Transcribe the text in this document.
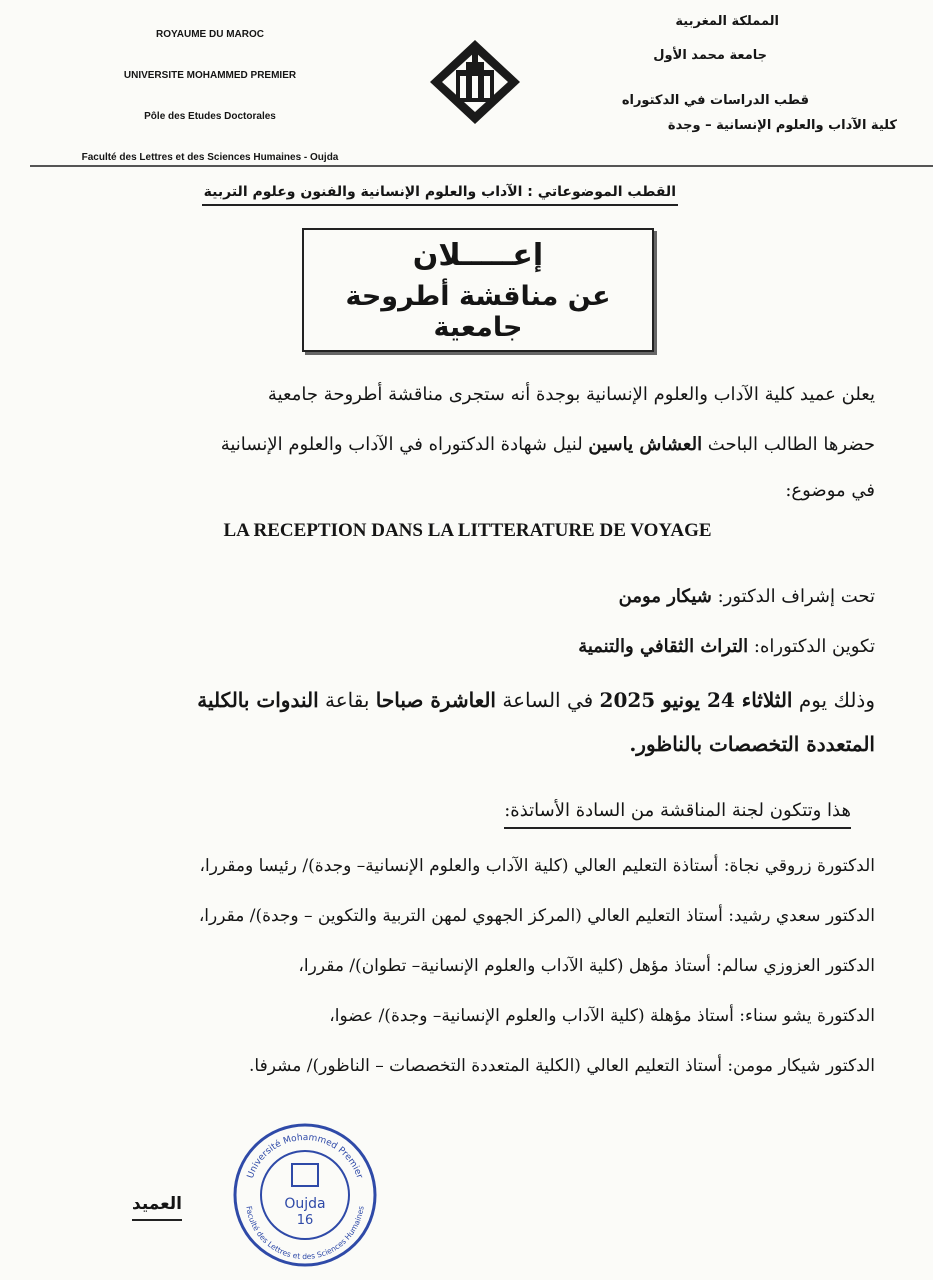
ROYAUME DU MAROC
UNIVERSITE MOHAMMED PREMIER
Pôle des Etudes Doctorales
Faculté des Lettres et des Sciences Humaines - Oujda
المملكة المغربية
جامعة محمد الأول
قطب الدراسات في الدكتوراه
كلية الآداب والعلوم الإنسانية – وجدة
القطب الموضوعاتي : الآداب والعلوم الإنسانية والفنون وعلوم التربية
إعـــــلان
عن مناقشة أطروحة جامعية
يعلن عميد كلية الآداب والعلوم الإنسانية بوجدة أنه ستجرى مناقشة أطروحة جامعية
حضرها الطالب الباحث العشاش ياسين لنيل شهادة الدكتوراه في الآداب والعلوم الإنسانية
في موضوع:
LA RECEPTION DANS LA LITTERATURE DE VOYAGE
تحت إشراف الدكتور: شيكار مومن
تكوين الدكتوراه: التراث الثقافي والتنمية
وذلك يوم الثلاثاء 24 يونيو 2025 في الساعة العاشرة صباحا بقاعة الندوات بالكلية
المتعددة التخصصات بالناظور.
هذا وتتكون لجنة المناقشة من السادة الأساتذة:
الدكتورة زروقي نجاة: أستاذة التعليم العالي (كلية الآداب والعلوم الإنسانية– وجدة)/ رئيسا ومقررا،
الدكتور سعدي رشيد: أستاذ التعليم العالي (المركز الجهوي لمهن التربية والتكوين – وجدة)/ مقررا،
الدكتور العزوزي سالم: أستاذ مؤهل (كلية الآداب والعلوم الإنسانية– تطوان)/ مقررا،
الدكتورة يشو سناء: أستاذ مؤهلة (كلية الآداب والعلوم الإنسانية– وجدة)/ عضوا،
الدكتور شيكار مومن: أستاذ التعليم العالي (الكلية المتعددة التخصصات – الناظور)/ مشرفا.
Université Mohammed Premier
Faculté des Lettres et des Sciences Humaines
Oujda
16
العميد
